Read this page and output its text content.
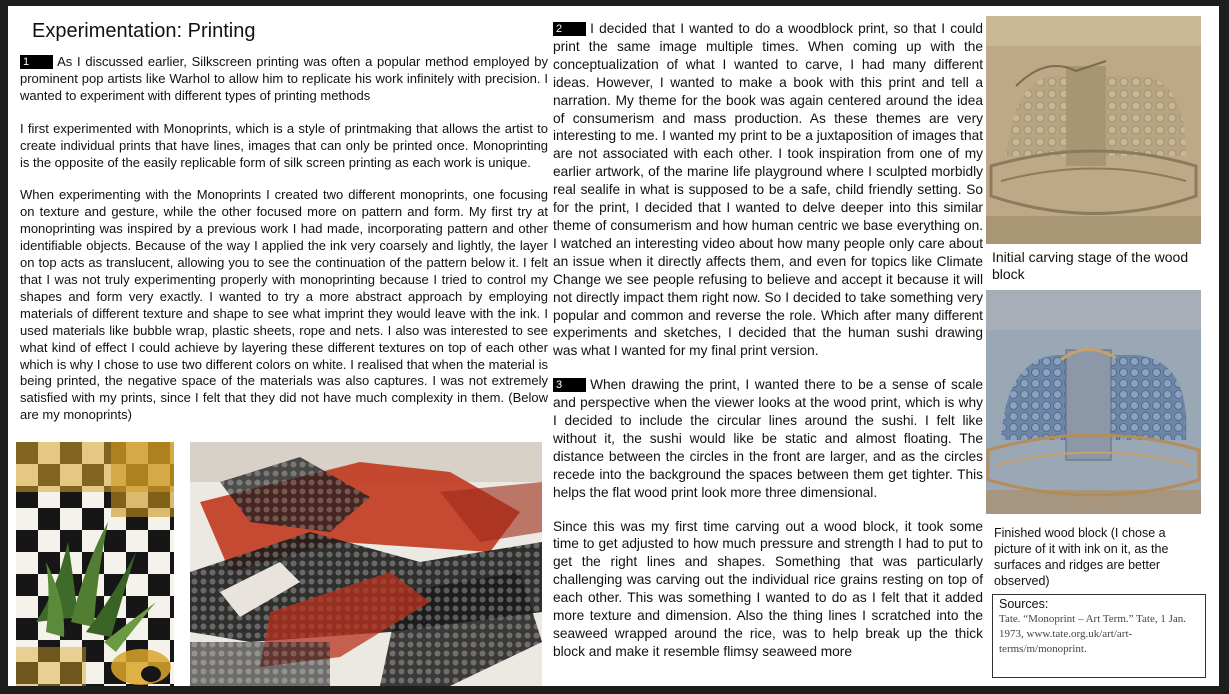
Experimentation: Printing

1 As I discussed earlier, Silkscreen printing was often a popular method employed by prominent pop artists like Warhol to allow him to replicate his work infinitely with precision. I wanted to experiment with different types of printing methods

I first experimented with Monoprints, which is a style of printmaking that allows the artist to create individual prints that have lines, images that can only be printed once. Monoprinting is the opposite of the easily replicable form of silk screen printing as each work is unique.

When experimenting with the Monoprints I created two different monoprints, one focusing on texture and gesture, while the other focused more on pattern and form. My first try at monoprinting was inspired by a previous work I had made, incorporating pattern and other identifiable objects. Because of the way I applied the ink very coarsely and lightly, the layer on top acts as translucent, allowing you to see the continuation of the pattern below it. I felt that I was not truly experimenting properly with monoprinting because I tried to control my shapes and form very exactly. I wanted to try a more abstract approach by employing materials of different texture and shape to see what imprint they would leave with the ink. I used materials like bubble wrap, plastic sheets, rope and nets. I also was interested to see what kind of effect I could achieve by layering these different textures on top of each other which is why I chose to use two different colors on white. I realised that when the material is being printed, the negative space of the materials was also captures. I was not extremely satisfied with my prints, since I felt that they did not have much complexity in them. (Below are my monoprints)

2 I decided that I wanted to do a woodblock print, so that I could print the same image multiple times. When coming up with the conceptualization of what I wanted to carve, I had many different ideas. However, I wanted to make a book with this print and tell a narration. My theme for the book was again centered around the idea of consumerism and mass production. As these themes are very interesting to me. I wanted my print to be a juxtaposition of images that are not associated with each other. I took inspiration from one of my earlier artwork, of the marine life playground where I sculpted morbidly real sealife in what is supposed to be a safe, child friendly setting. So for the print, I decided that I wanted to delve deeper into this similar theme of consumerism and how human centric we base everything on. I watched an interesting video about how many people only care about an issue when it directly affects them, and even for topics like Climate Change we see people refusing to believe and accept it because it will not directly impact them right now. So I decided to take something very popular and common and reverse the role. Which after many different experiments and sketches, I decided that the human sushi drawing was what I wanted for my final print version.

3 When drawing the print, I wanted there to be a sense of scale and perspective when the viewer looks at the wood print, which is why I decided to include the circular lines around the sushi. I felt like without it, the sushi would like be static and almost floating. The distance between the circles in the front are larger, and as the circles recede into the background the spaces between them get tighter. This helps the flat wood print look more three dimensional.

Since this was my first time carving out a wood block, it took some time to get adjusted to how much pressure and strength I had to put to get the right lines and shapes. Something that was particularly challenging was carving out the individual rice grains resting on top of each other. This was something I wanted to do as I felt that it added more texture and dimension. Also the thing lines I scratched into the seaweed wrapped around the rice, was to help break up the thick block and make it resemble flimsy seaweed more

Initial carving stage of the wood block
Finished wood block (I chose a picture of it with ink on it, as the surfaces and ridges are better observed)
Sources:
Tate. “Monoprint – Art Term.” Tate, 1 Jan. 1973, www.tate.org.uk/art/art-terms/m/monoprint.
